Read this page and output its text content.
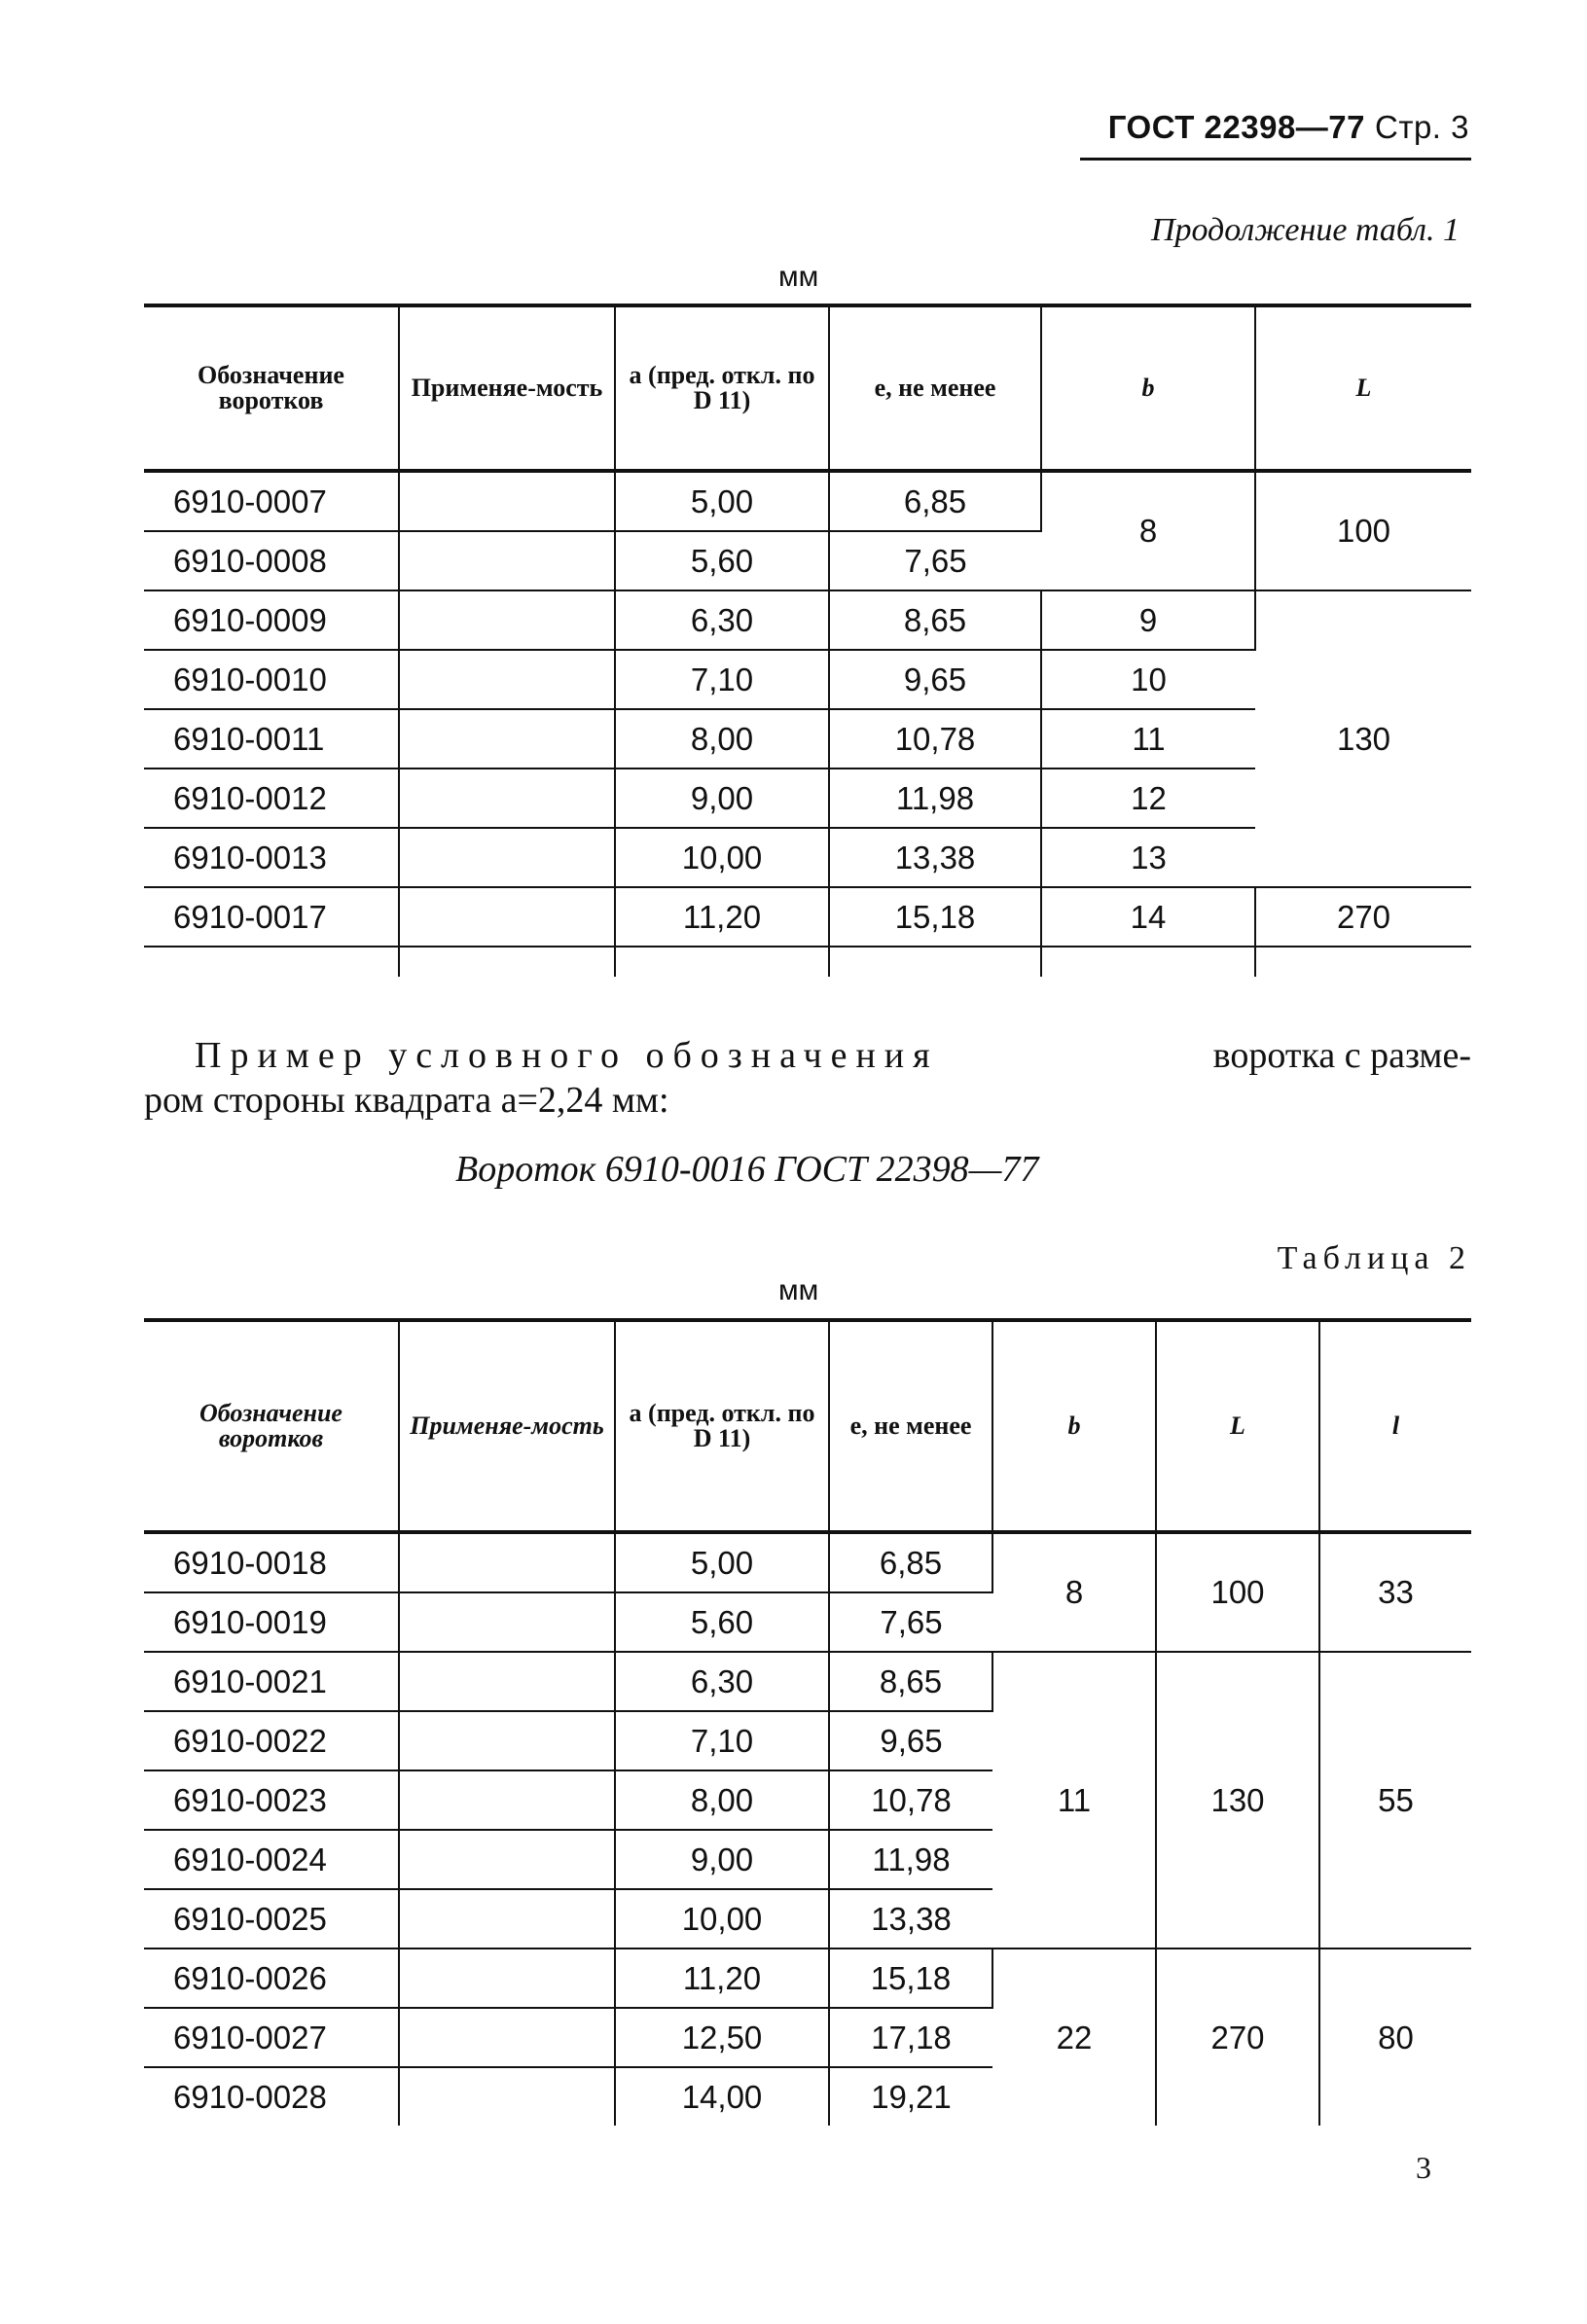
ГОСТ 22398—77 Стр. 3
Продолжение табл. 1
мм
Обозначение воротков	Применяе-мость	a (пред. откл. по D 11)	e, не менее	b	L
6910-0007		5,00	6,85	8	100
6910-0008		5,60	7,65		
6910-0009		6,30	8,65	9	130
6910-0010		7,10	9,65	10	
6910-0011		8,00	10,78	11	
6910-0012		9,00	11,98	12	
6910-0013		10,00	13,38	13	
6910-0017		11,20	15,18	14	270

Пример условного обозначения	воротка с разме-
ром стороны квадрата a=2,24 мм:
Вороток 6910-0016 ГОСТ 22398—77
Таблица 2
мм
Обозначение воротков	Применяе-мость	a (пред. откл. по D 11)	e, не менее	b	L	l
6910-0018		5,00	6,85	8	100	33
6910-0019		5,60	7,65			
6910-0021		6,30	8,65	11	130	55
6910-0022		7,10	9,65			
6910-0023		8,00	10,78			
6910-0024		9,00	11,98			
6910-0025		10,00	13,38			
6910-0026		11,20	15,18	22	270	80
6910-0027		12,50	17,18			
6910-0028		14,00	19,21			
3
